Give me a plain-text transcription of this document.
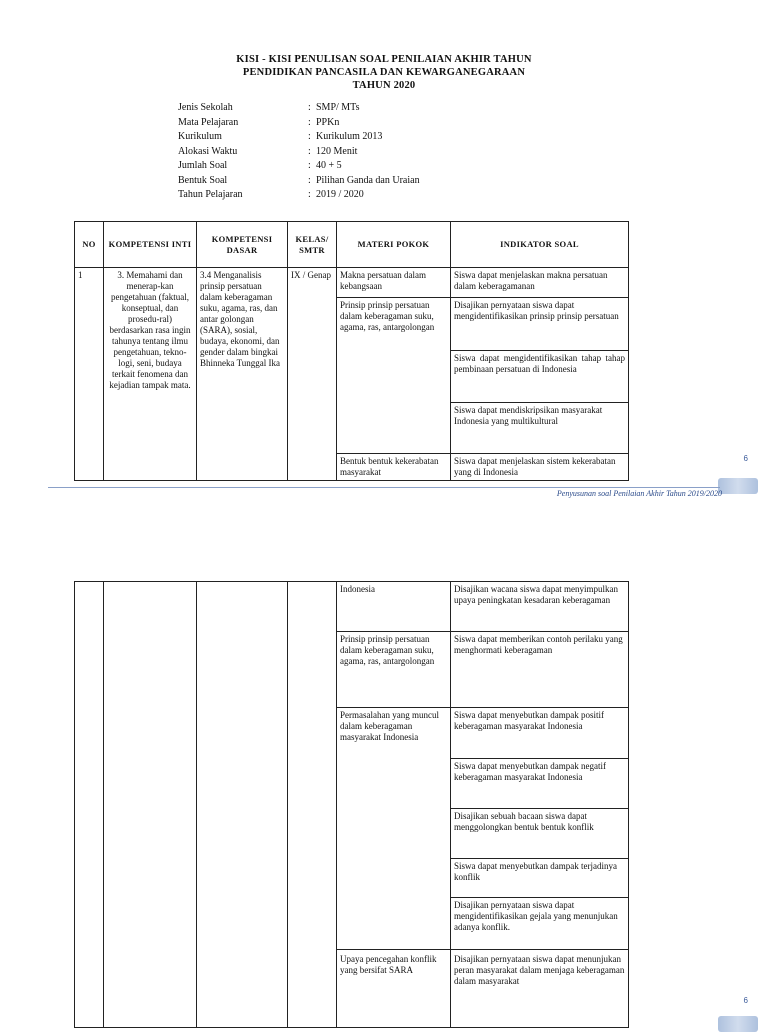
KISI - KISI PENULISAN SOAL PENILAIAN AKHIR TAHUN
PENDIDIKAN PANCASILA DAN KEWARGANEGARAAN
TAHUN 2020
Jenis Sekolah	: SMP/ MTs
Mata Pelajaran	: PPKn
Kurikulum	: Kurikulum 2013
Alokasi Waktu	: 120 Menit
Jumlah Soal	: 40 + 5
Bentuk Soal	: Pilihan Ganda dan Uraian
Tahun Pelajaran	: 2019 / 2020
NO	KOMPETENSI INTI	KOMPETENSI DASAR	KELAS/ SMTR	MATERI POKOK	INDIKATOR SOAL
1	3. Memahami dan menerap-kan pengetahuan (faktual, konseptual, dan prosedu-ral) berdasarkan rasa ingin tahunya tentang ilmu pengetahuan, tekno-logi, seni, budaya terkait fenomena dan kejadian tampak mata.	3.4 Menganalisis prinsip persatuan dalam keberagaman suku, agama, ras, dan antar golongan (SARA), sosial, budaya, ekonomi, dan gender dalam bingkai Bhinneka Tunggal Ika	IX / Genap	Makna persatuan dalam kebangsaan	Siswa dapat menjelaskan makna persatuan dalam keberagamanan
				Prinsip prinsip persatuan dalam keberagaman suku, agama, ras, antargolongan	Disajikan pernyataan siswa dapat mengidentifikasikan prinsip prinsip persatuan
					Siswa dapat mengidentifikasikan tahap tahap pembinaan persatuan di Indonesia
					Siswa dapat mendiskripsikan masyarakat Indonesia yang multikultural
				Bentuk bentuk kekerabatan masyarakat	Siswa dapat menjelaskan sistem kekerabatan yang di Indonesia
6
Penyusunan soal Penilaian Akhir Tahun 2019/2020
				Indonesia	Disajikan wacana siswa dapat menyimpulkan upaya peningkatan kesadaran keberagaman
				Prinsip prinsip persatuan dalam keberagaman suku, agama, ras, antargolongan	Siswa dapat memberikan contoh perilaku yang menghormati keberagaman
				Permasalahan yang muncul dalam keberagaman masyarakat Indonesia	Siswa dapat menyebutkan dampak positif keberagaman masyarakat Indonesia
					Siswa dapat menyebutkan dampak negatif keberagaman masyarakat Indonesia
					Disajikan sebuah bacaan siswa dapat menggolongkan bentuk bentuk konflik
					Siswa dapat menyebutkan dampak terjadinya konflik
					Disajikan pernyataan siswa dapat mengidentifikasikan gejala yang menunjukan adanya konflik.
				Upaya pencegahan konflik yang bersifat SARA	Disajikan pernyataan siswa dapat menunjukan peran masyarakat dalam menjaga keberagaman dalam masyarakat
6
